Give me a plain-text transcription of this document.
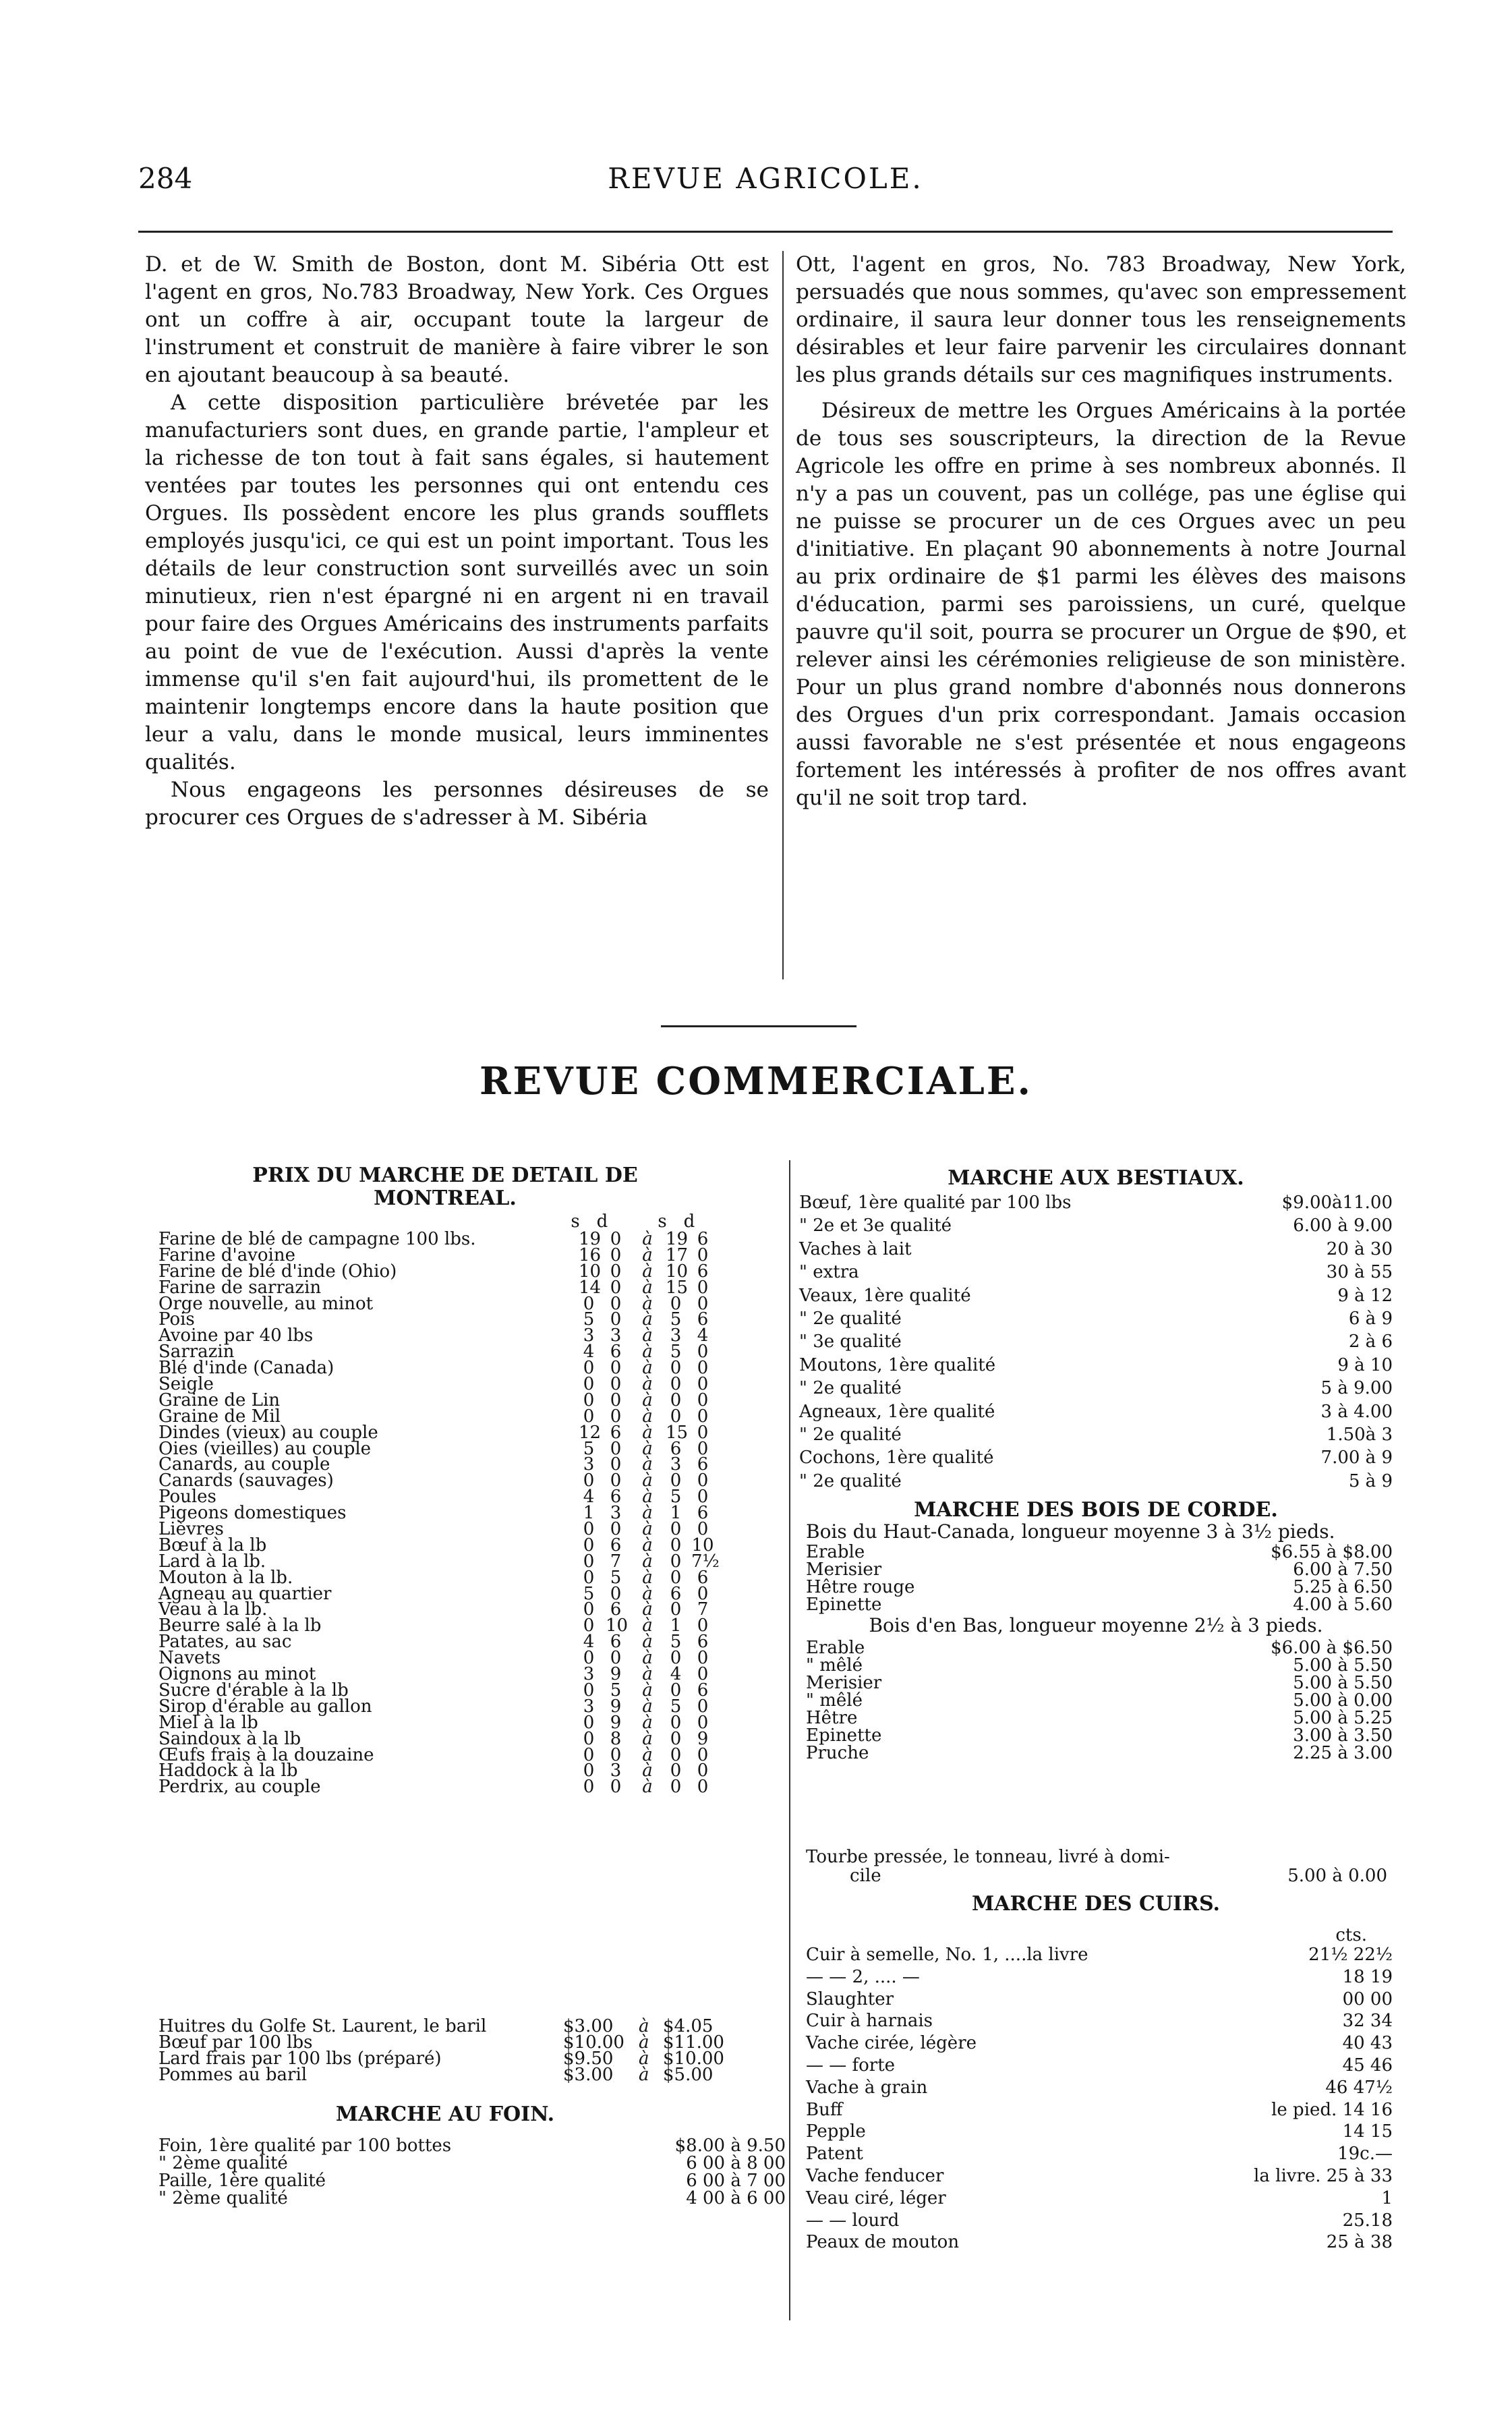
284	REVUE AGRICOLE.

D. et de W. Smith de Boston, dont M. Sibéria Ott est l'agent en gros, No.783 Broadway, New York. Ces Orgues ont un coffre à air, occupant toute la largeur de l'instrument et construit de manière à faire vibrer le son en ajoutant beaucoup à sa beauté.

A cette disposition particulière brévetée par les manufacturiers sont dues, en grande partie, l'ampleur et la richesse de ton tout à fait sans égales, si hautement ventées par toutes les personnes qui ont entendu ces Orgues. Ils possèdent encore les plus grands soufflets employés jusqu'ici, ce qui est un point important. Tous les détails de leur construction sont surveillés avec un soin minutieux, rien n'est épargné ni en argent ni en travail pour faire des Orgues Américains des instruments parfaits au point de vue de l'exécution. Aussi d'après la vente immense qu'il s'en fait aujourd'hui, ils promettent de le maintenir longtemps encore dans la haute position que leur a valu, dans le monde musical, leurs imminentes qualités.

Nous engageons les personnes désireuses de se procurer ces Orgues de s'adresser à M. Sibéria

Ott, l'agent en gros, No. 783 Broadway, New York, persuadés que nous sommes, qu'avec son empressement ordinaire, il saura leur donner tous les renseignements désirables et leur faire parvenir les circulaires donnant les plus grands détails sur ces magnifiques instruments.

Désireux de mettre les Orgues Américains à la portée de tous ses souscripteurs, la direction de la Revue Agricole les offre en prime à ses nombreux abonnés. Il n'y a pas un couvent, pas un collége, pas une église qui ne puisse se procurer un de ces Orgues avec un peu d'initiative. En plaçant 90 abonnements à notre Journal au prix ordinaire de $1 parmi les élèves des maisons d'éducation, parmi ses paroissiens, un curé, quelque pauvre qu'il soit, pourra se procurer un Orgue de $90, et relever ainsi les cérémonies religieuse de son ministère. Pour un plus grand nombre d'abonnés nous donnerons des Orgues d'un prix correspondant. Jamais occasion aussi favorable ne s'est présentée et nous engageons fortement les intéressés à profiter de nos offres avant qu'il ne soit trop tard.

REVUE COMMERCIALE.
PRIX DU MARCHE DE DETAIL DE MONTREAL.
s d	s d
Farine de blé de campagne 100 lbs.	19 0 à 19 6
Farine d'avoine	16 0 à 17 0
Farine de blé d'inde (Ohio)	10 0 à 10 6
Farine de sarrazin	14 0 à 15 0
Orge nouvelle, au minot	0 0 à 0 0
Pois	5 0 à 5 6
Avoine par 40 lbs	3 3 à 3 4
Sarrazin	4 6 à 5 0
Blé d'inde (Canada)	0 0 à 0 0
Seigle	0 0 à 0 0
Graine de Lin	0 0 à 0 0
Graine de Mil	0 0 à 0 0
Dindes (vieux) au couple	12 6 à 15 0
Oies (vieilles) au couple	5 0 à 6 0
Canards, au couple	3 0 à 3 6
Canards (sauvages)	0 0 à 0 0
Poules	4 6 à 5 0
Pigeons domestiques	1 3 à 1 6
Lièvres	0 0 à 0 0
Bœuf à la lb	0 6 à 0 10
Lard à la lb.	0 7 à 0 7½
Mouton à la lb.	0 5 à 0 6
Agneau au quartier	5 0 à 6 0
Veau à la lb.	0 6 à 0 7
Beurre salé à la lb	0 10 à 1 0
Patates, au sac	4 6 à 5 6
Navets	0 0 à 0 0
Oignons au minot	3 9 à 4 0
Sucre d'érable à la lb	0 5 à 0 6
Sirop d'érable au gallon	3 9 à 5 0
Miel à la lb	0 9 à 0 0
Saindoux à la lb	0 8 à 0 9
Œufs frais à la douzaine	0 0 à 0 0
Haddock à la lb	0 3 à 0 0
Perdrix, au couple	0 0 à 0 0
Huitres du Golfe St. Laurent, le baril	$3.00 à $4.05
Bœuf par 100 lbs	$10.00 à $11.00
Lard frais par 100 lbs (préparé)	$9.50 à $10.00
Pommes au baril	$3.00 à $5.00
MARCHE AU FOIN.
Foin, 1ère qualité par 100 bottes	$8.00 à 9.50
" 2ème qualité	6 00 à 8 00
Paille, 1ère qualité	6 00 à 7 00
" 2ème qualité	4 00 à 6 00
MARCHE AUX BESTIAUX.
Bœuf, 1ère qualité par 100 lbs	$9.00à11.00
" 2e et 3e qualité	6.00 à 9.00
Vaches à lait	20 à 30
" extra	30 à 55
Veaux, 1ère qualité	9 à 12
" 2e qualité	6 à 9
" 3e qualité	2 à 6
Moutons, 1ère qualité	9 à 10
" 2e qualité	5 à 9.00
Agneaux, 1ère qualité	3 à 4.00
" 2e qualité	1.50à 3
Cochons, 1ère qualité	7.00 à 9
" 2e qualité	5 à 9
MARCHE DES BOIS DE CORDE.
Bois du Haut-Canada, longueur moyenne 3 à 3½ pieds.
Erable	$6.55 à $8.00
Merisier	6.00 à 7.50
Hêtre rouge	5.25 à 6.50
Epinette	4.00 à 5.60
Bois d'en Bas, longueur moyenne 2½ à 3 pieds.
Erable	$6.00 à $6.50
" mêlé	5.00 à 5.50
Merisier	5.00 à 5.50
" mêlé	5.00 à 0.00
Hêtre	5.00 à 5.25
Epinette	3.00 à 3.50
Pruche	2.25 à 3.00
Tourbe pressée, le tonneau, livré à domi-
cile	5.00 à 0.00
MARCHE DES CUIRS.
cts.
Cuir à semelle, No. 1, ....la livre	21½ 22½
— — 2, .... —	18 19
Slaughter	00 00
Cuir à harnais	32 34
Vache cirée, légère	40 43
— — forte	45 46
Vache à grain	46 47½
Buff	le pied. 14 16
Pepple	14 15
Patent	19c.—
Vache fenducer	la livre. 25 à 33
Veau ciré, léger	1
— — lourd	25.18
Peaux de mouton	25 à 38
